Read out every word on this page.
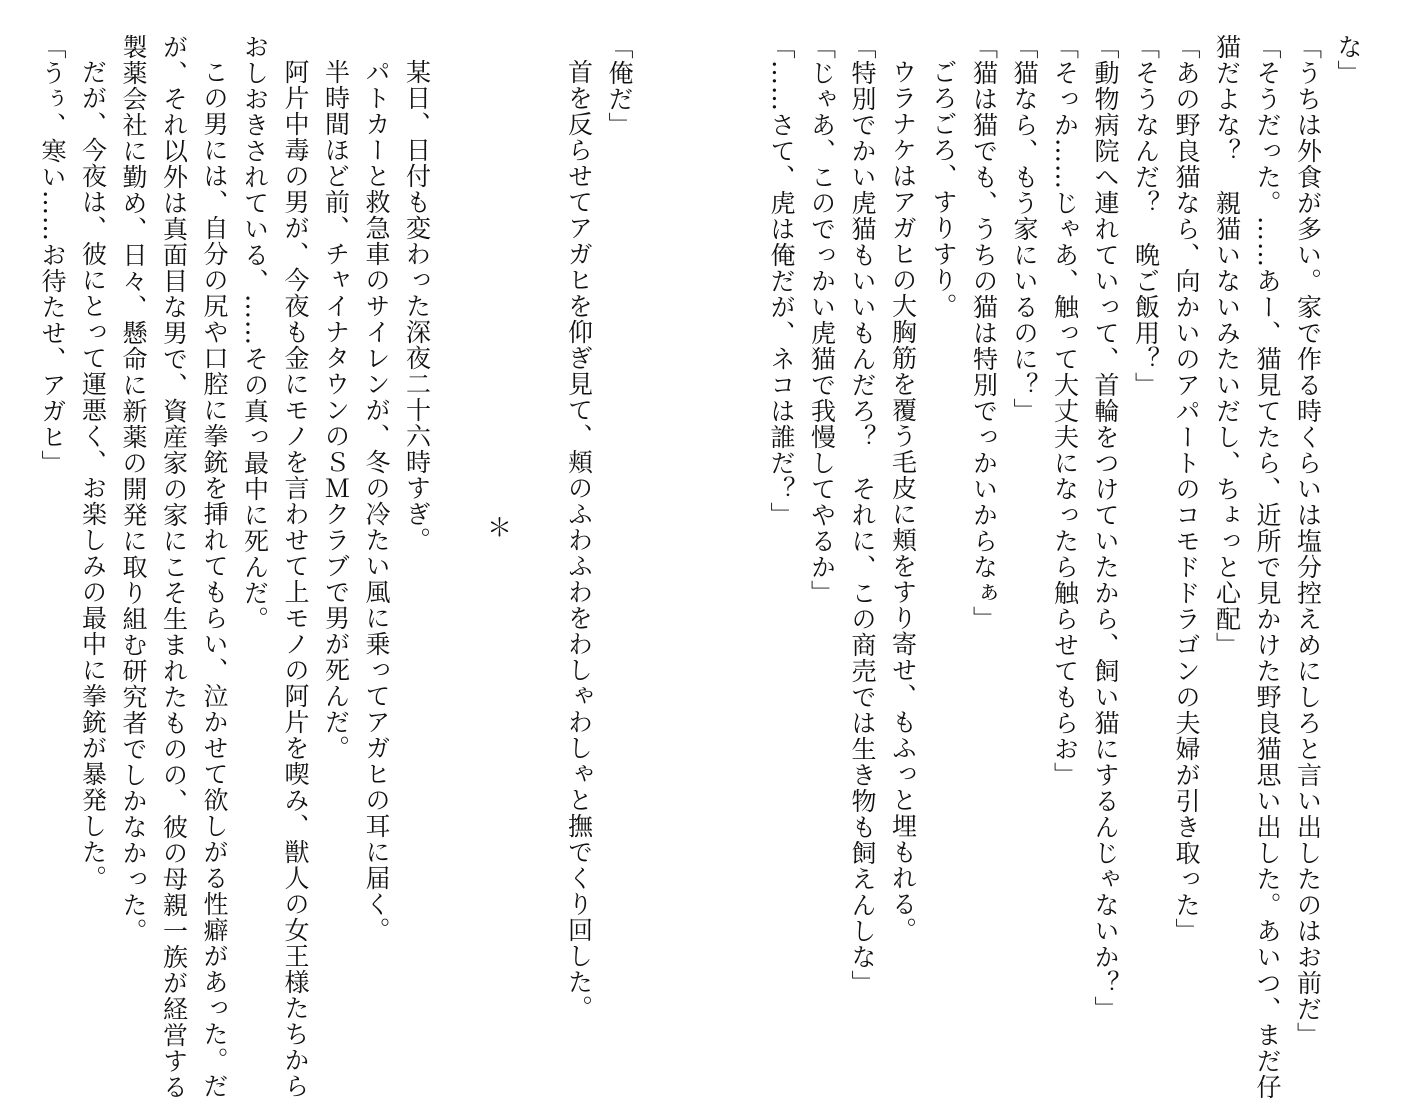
な」
「うちは外食が多い。家で作る時くらいは塩分控えめにしろと言い出したのはお前だ」
「そうだった。……あー、猫見てたら、近所で見かけた野良猫思い出した。あいつ、まだ仔
猫だよな？　親猫いないみたいだし、ちょっと心配」
「あの野良猫なら、向かいのアパートのコモドドラゴンの夫婦が引き取った」
「そうなんだ？　晩ご飯用？」
「動物病院へ連れていって、首輪をつけていたから、飼い猫にするんじゃないか？」
「そっか……じゃあ、触って大丈夫になったら触らせてもらお」
「猫なら、もう家にいるのに？」
「猫は猫でも、うちの猫は特別でっかいからなぁ」
ごろごろ、すりすり。
ウラナケはアガヒの大胸筋を覆う毛皮に頬をすり寄せ、もふっと埋もれる。
「特別でかい虎猫もいいもんだろ？　それに、この商売では生き物も飼えんしな」
「じゃあ、このでっかい虎猫で我慢してやるか」
「……さて、虎は俺だが、ネコは誰だ？」
「俺だ」
首を反らせてアガヒを仰ぎ見て、頬のふわふわをわしゃわしゃと撫でくり回した。
＊
某日、日付も変わった深夜二十六時すぎ。
パトカーと救急車のサイレンが、冬の冷たい風に乗ってアガヒの耳に届く。
半時間ほど前、チャイナタウンのＳＭクラブで男が死んだ。
阿片中毒の男が、今夜も金にモノを言わせて上モノの阿片を喫み、獣人の女王様たちから
おしおきされている、……その真っ最中に死んだ。
この男には、自分の尻や口腔に拳銃を挿れてもらい、泣かせて欲しがる性癖があった。だ
が、それ以外は真面目な男で、資産家の家にこそ生まれたものの、彼の母親一族が経営する
製薬会社に勤め、日々、懸命に新薬の開発に取り組む研究者でしかなかった。
だが、今夜は、彼にとって運悪く、お楽しみの最中に拳銃が暴発した。
「うぅ、寒い……お待たせ、アガヒ」
